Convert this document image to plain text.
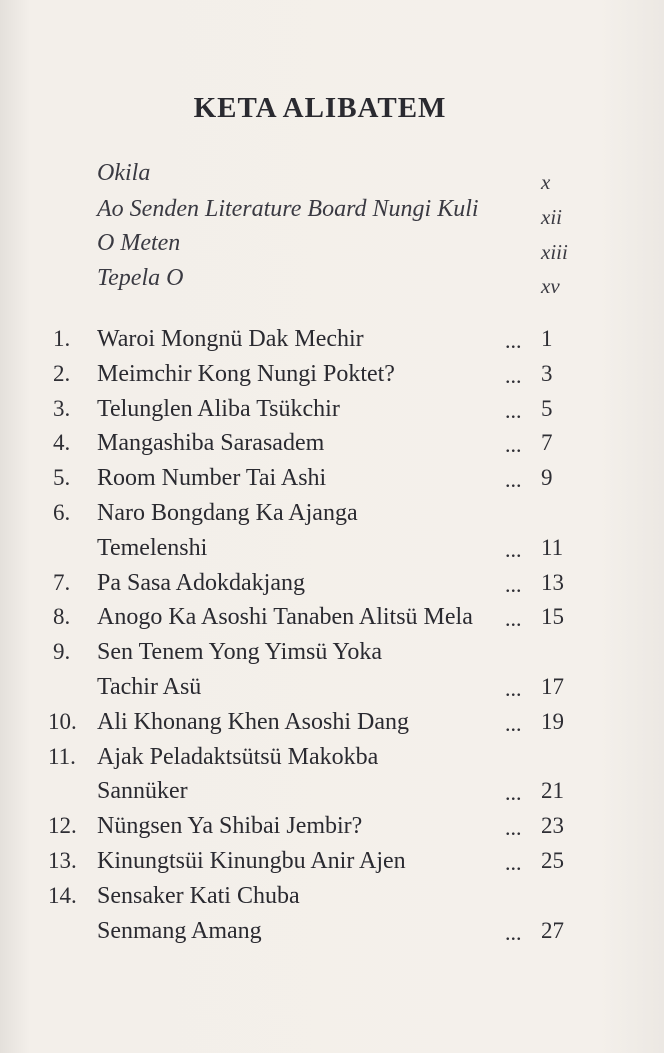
KETA ALIBATEM
Okila	x
Ao Senden Literature Board Nungi Kuli	xii
O Meten	xiii
Tepela O	xv
1. Waroi Mongnü Dak Mechir	... 1
2. Meimchir Kong Nungi Poktet?	... 3
3. Telunglen Aliba Tsükchir	... 5
4. Mangashiba Sarasadem	... 7
5. Room Number Tai Ashi	... 9
6. Naro Bongdang Ka Ajanga
Temelenshi	... 11
7. Pa Sasa Adokdakjang	... 13
8. Anogo Ka Asoshi Tanaben Alitsü Mela ... 15
9. Sen Tenem Yong Yimsü Yoka
Tachir Asü	... 17
10. Ali Khonang Khen Asoshi Dang	... 19
11. Ajak Peladaktsütsü Makokba
Sannüker	... 21
12. Nüngsen Ya Shibai Jembir?	... 23
13. Kinungtsüi Kinungbu Anir Ajen	... 25
14. Sensaker Kati Chuba
Senmang Amang	... 27
